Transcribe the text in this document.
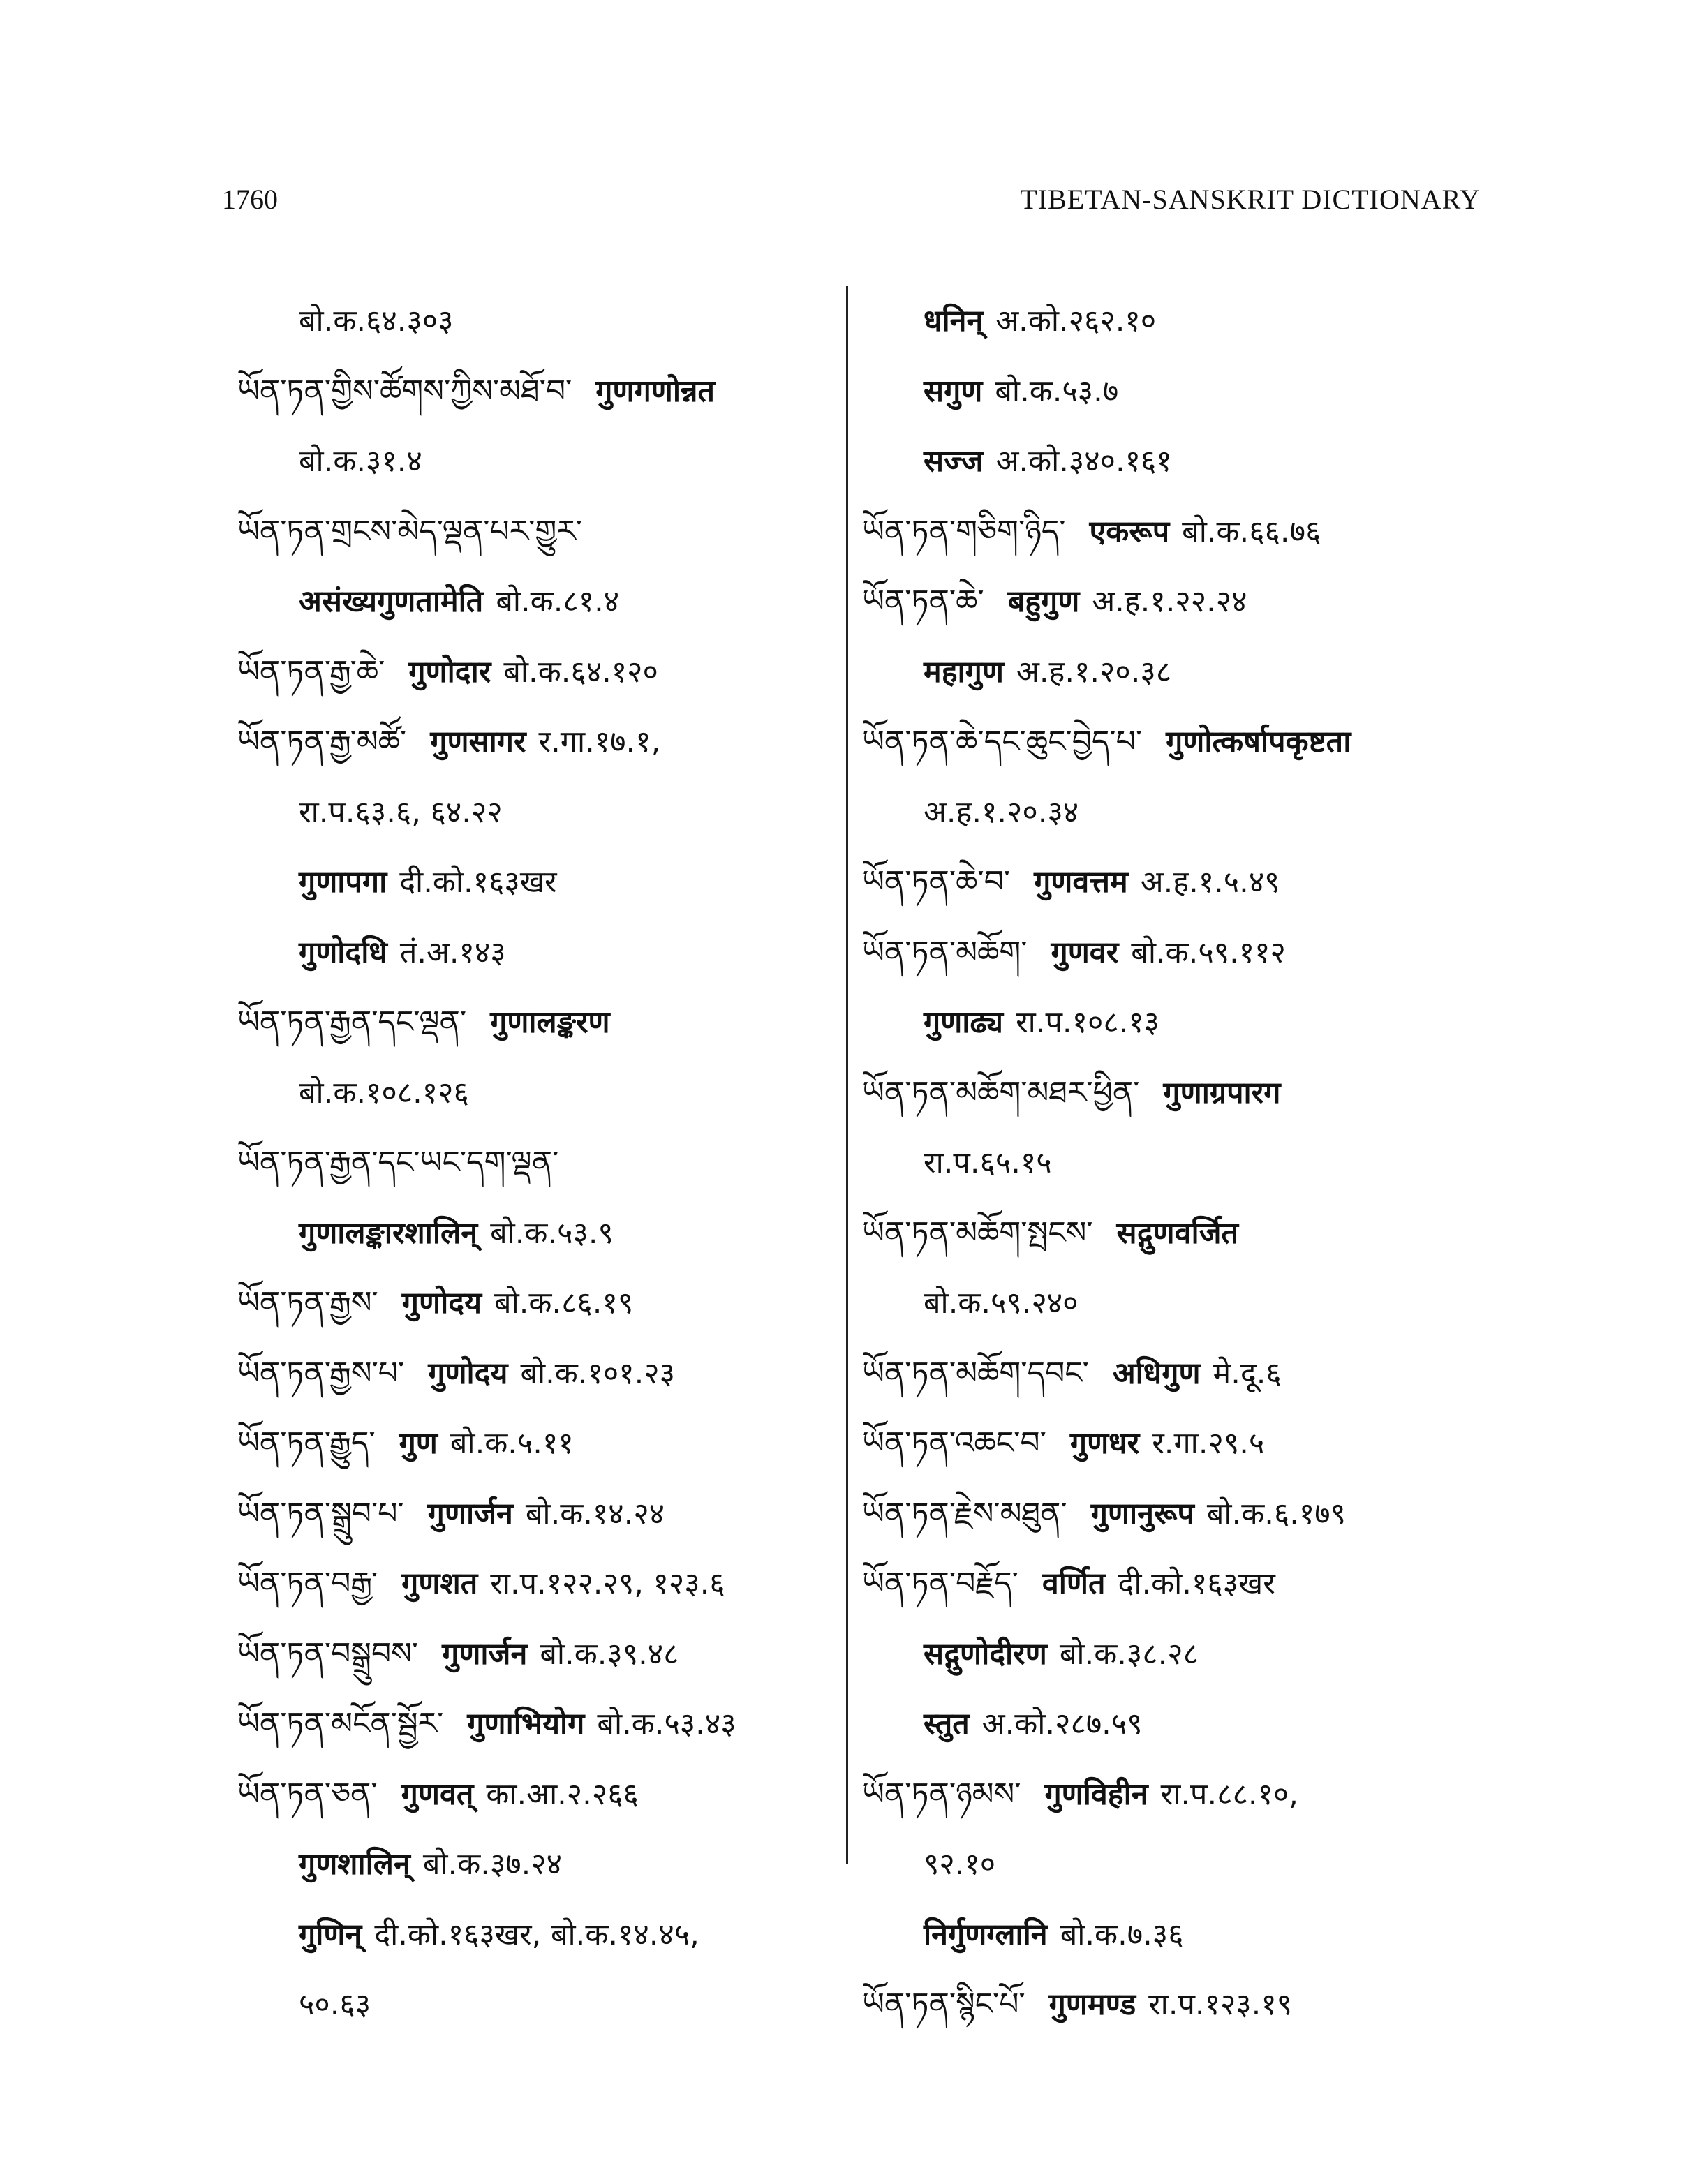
1760	TIBETAN-SANSKRIT DICTIONARY
बो.क.६४.३०३
ཡོན་ཏན་གྱིས་ཚོགས་ཀྱིས་མཐོ་བ་ गुणगणोन्नत
बो.क.३१.४
ཡོན་ཏན་གྲངས་མེད་ལྡན་པར་གྱུར་
असंख्यगुणतामेति बो.क.८१.४
ཡོན་ཏན་རྒྱ་ཆེ་ गुणोदार बो.क.६४.१२०
ཡོན་ཏན་རྒྱ་མཚོ་ गुणसागर र.गा.१७.१,
रा.प.६३.६, ६४.२२
गुणापगा दी.को.१६३खर
गुणोदधि तं.अ.१४३
ཡོན་ཏན་རྒྱན་དང་ལྡན་ गुणालङ्करण
बो.क.१०८.१२६
ཡོན་ཏན་རྒྱན་དང་ཡང་དག་ལྡན་
गुणालङ्कारशालिन् बो.क.५३.९
ཡོན་ཏན་རྒྱས་ गुणोदय बो.क.८६.१९
ཡོན་ཏན་རྒྱས་པ་ गुणोदय बो.क.१०१.२३
ཡོན་ཏན་རྒྱུད་ गुण बो.क.५.११
ཡོན་ཏན་སྒྲུབ་པ་ गुणार्जन बो.क.१४.२४
ཡོན་ཏན་བརྒྱ་ गुणशत रा.प.१२२.२९, १२३.६
ཡོན་ཏན་བསྒྲུབས་ गुणार्जन बो.क.३९.४८
ཡོན་ཏན་མངོན་སྦྱོར་ गुणाभियोग बो.क.५३.४३
ཡོན་ཏན་ཅན་ गुणवत् का.आ.२.२६६
गुणशालिन् बो.क.३७.२४
गुणिन् दी.को.१६३खर, बो.क.१४.४५,
५०.६३
धनिन् अ.को.२६२.१०
सगुण बो.क.५३.७
सज्ज अ.को.३४०.१६१
ཡོན་ཏན་གཅིག་ཉིད་ एकरूप बो.क.६६.७६
ཡོན་ཏན་ཆེ་ बहुगुण अ.ह.१.२२.२४
महागुण अ.ह.१.२०.३८
ཡོན་ཏན་ཆེ་དང་ཆུང་བྱེད་པ་ गुणोत्कर्षापकृष्टता
अ.ह.१.२०.३४
ཡོན་ཏན་ཆེ་བ་ गुणवत्तम अ.ह.१.५.४९
ཡོན་ཏན་མཆོག་ गुणवर बो.क.५९.११२
गुणाढ्य रा.प.१०८.१३
ཡོན་ཏན་མཆོག་མཐར་ཕྱིན་ गुणाग्रपारग
रा.प.६५.१५
ཡོན་ཏན་མཆོག་སྤངས་ सद्गुणवर्जित
बो.क.५९.२४०
ཡོན་ཏན་མཆོག་དབང་ अधिगुण मे.दू.६
ཡོན་ཏན་འཆང་བ་ गुणधर र.गा.२९.५
ཡོན་ཏན་རྗེས་མཐུན་ गुणानुरूप बो.क.६.१७९
ཡོན་ཏན་བརྗོད་ वर्णित दी.को.१६३खर
सद्गुणोदीरण बो.क.३८.२८
स्तुत अ.को.२८७.५९
ཡོན་ཏན་ཉམས་ गुणविहीन रा.प.८८.१०,
९२.१०
निर्गुणग्लानि बो.क.७.३६
ཡོན་ཏན་སྙིང་པོ་ गुणमण्ड रा.प.१२३.१९
